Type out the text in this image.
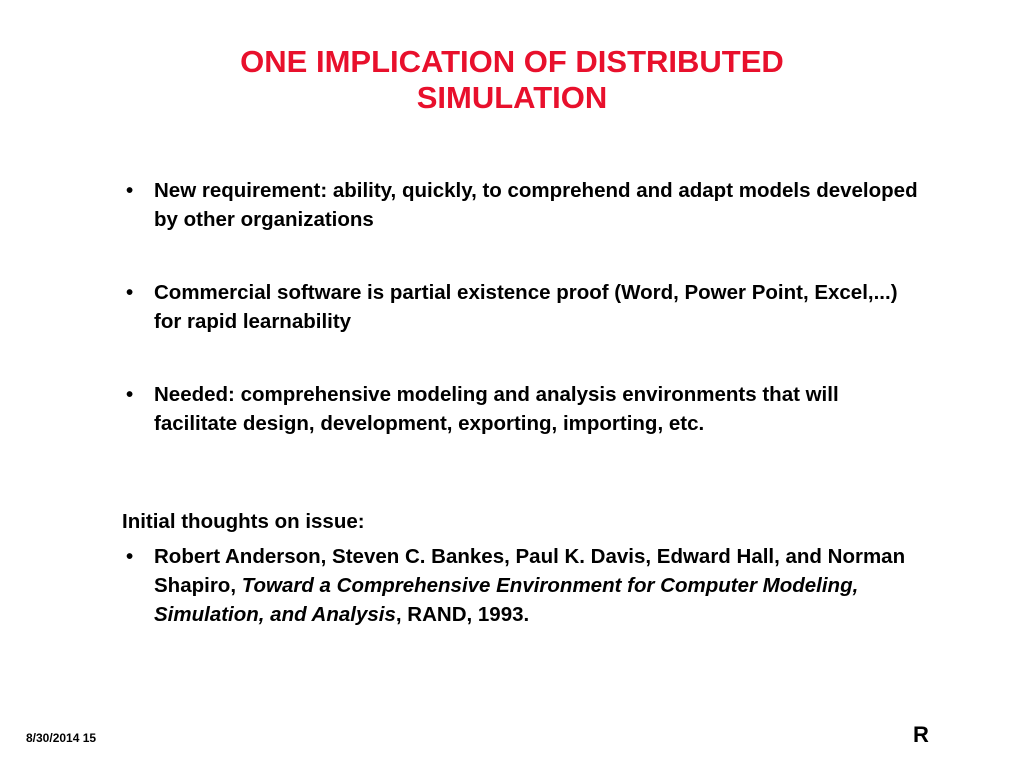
ONE IMPLICATION OF DISTRIBUTED
SIMULATION
• New requirement: ability, quickly, to comprehend and adapt models developed by other organizations
• Commercial software is partial existence proof (Word, Power Point, Excel,...) for rapid learnability
• Needed: comprehensive modeling and analysis environments that will facilitate design, development, exporting, importing, etc.

Initial thoughts on issue:

• Robert Anderson, Steven C. Bankes, Paul K. Davis, Edward Hall, and Norman Shapiro, Toward a Comprehensive Environment for Computer Modeling, Simulation, and Analysis, RAND, 1993.
8/30/2014 15	R
